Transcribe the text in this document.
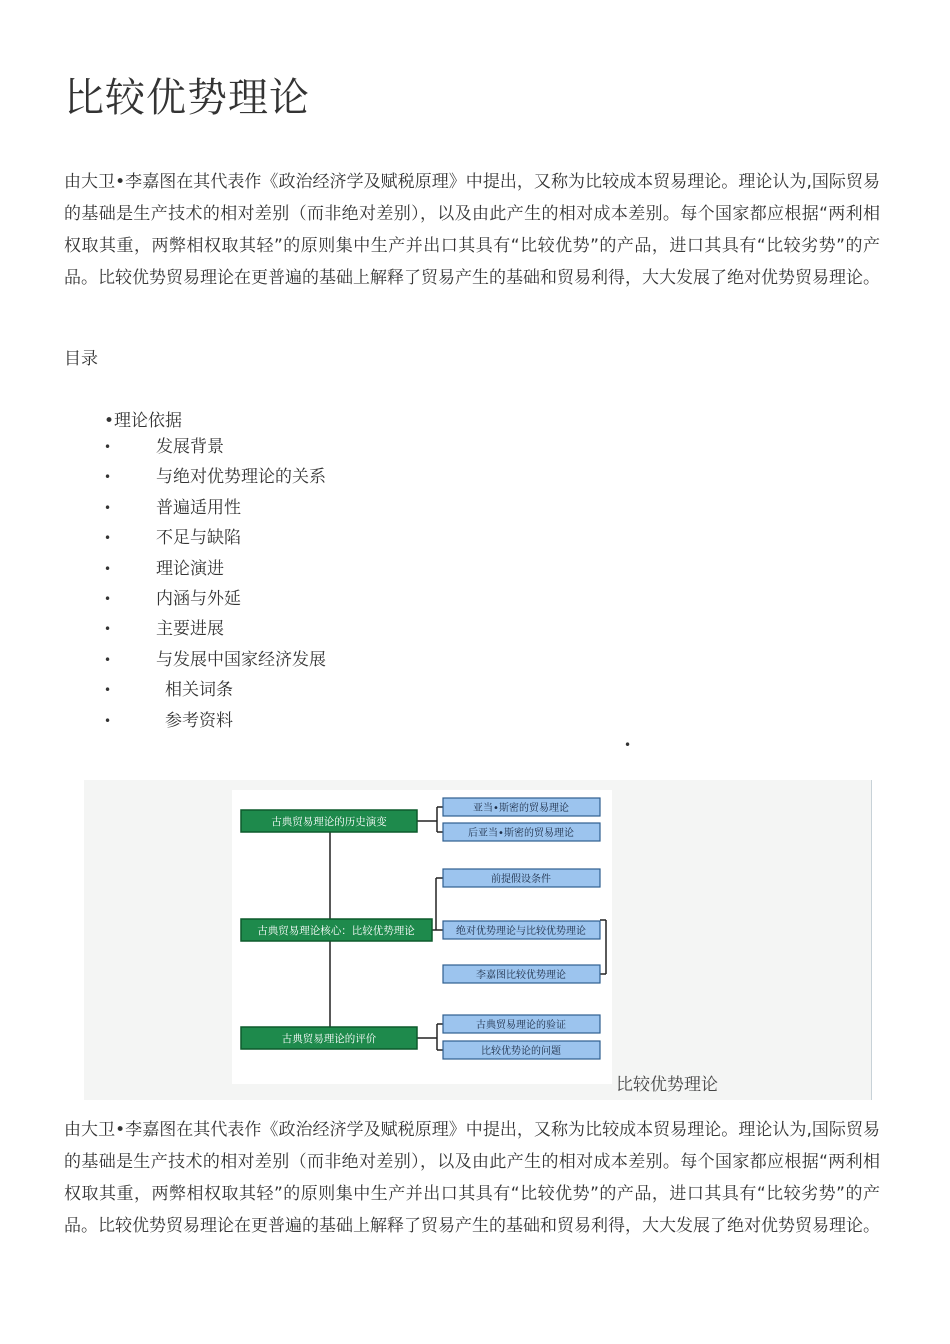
比较优势理论

由大卫•李嘉图在其代表作《政治经济学及赋税原理》中提出，又称为比较成本贸易理论。理论认为,国际贸易的基础是生产技术的相对差别（而非绝对差别），以及由此产生的相对成本差别。每个国家都应根据“两利相权取其重，两弊相权取其轻”的原则集中生产并出口其具有“比较优势”的产品，进口其具有“比较劣势”的产品。比较优势贸易理论在更普遍的基础上解释了贸易产生的基础和贸易利得，大大发展了绝对优势贸易理论。

目录
•理论依据
•	发展背景
•	与绝对优势理论的关系
•	普遍适用性
•	不足与缺陷
•	理论演进
•	内涵与外延
•	主要进展
•	与发展中国家经济发展
•	相关词条
•	参考资料
•
古典贸易理论的历史演变
古典贸易理论核心：比较优势理论
古典贸易理论的评价
亚当•斯密的贸易理论
后亚当•斯密的贸易理论
前提假设条件
绝对优势理论与比较优势理论
李嘉图比较优势理论
古典贸易理论的验证
比较优势论的问题
比较优势理论

由大卫•李嘉图在其代表作《政治经济学及赋税原理》中提出，又称为比较成本贸易理论。理论认为,国际贸易的基础是生产技术的相对差别（而非绝对差别），以及由此产生的相对成本差别。每个国家都应根据“两利相权取其重，两弊相权取其轻”的原则集中生产并出口其具有“比较优势”的产品，进口其具有“比较劣势”的产品。比较优势贸易理论在更普遍的基础上解释了贸易产生的基础和贸易利得，大大发展了绝对优势贸易理论。
